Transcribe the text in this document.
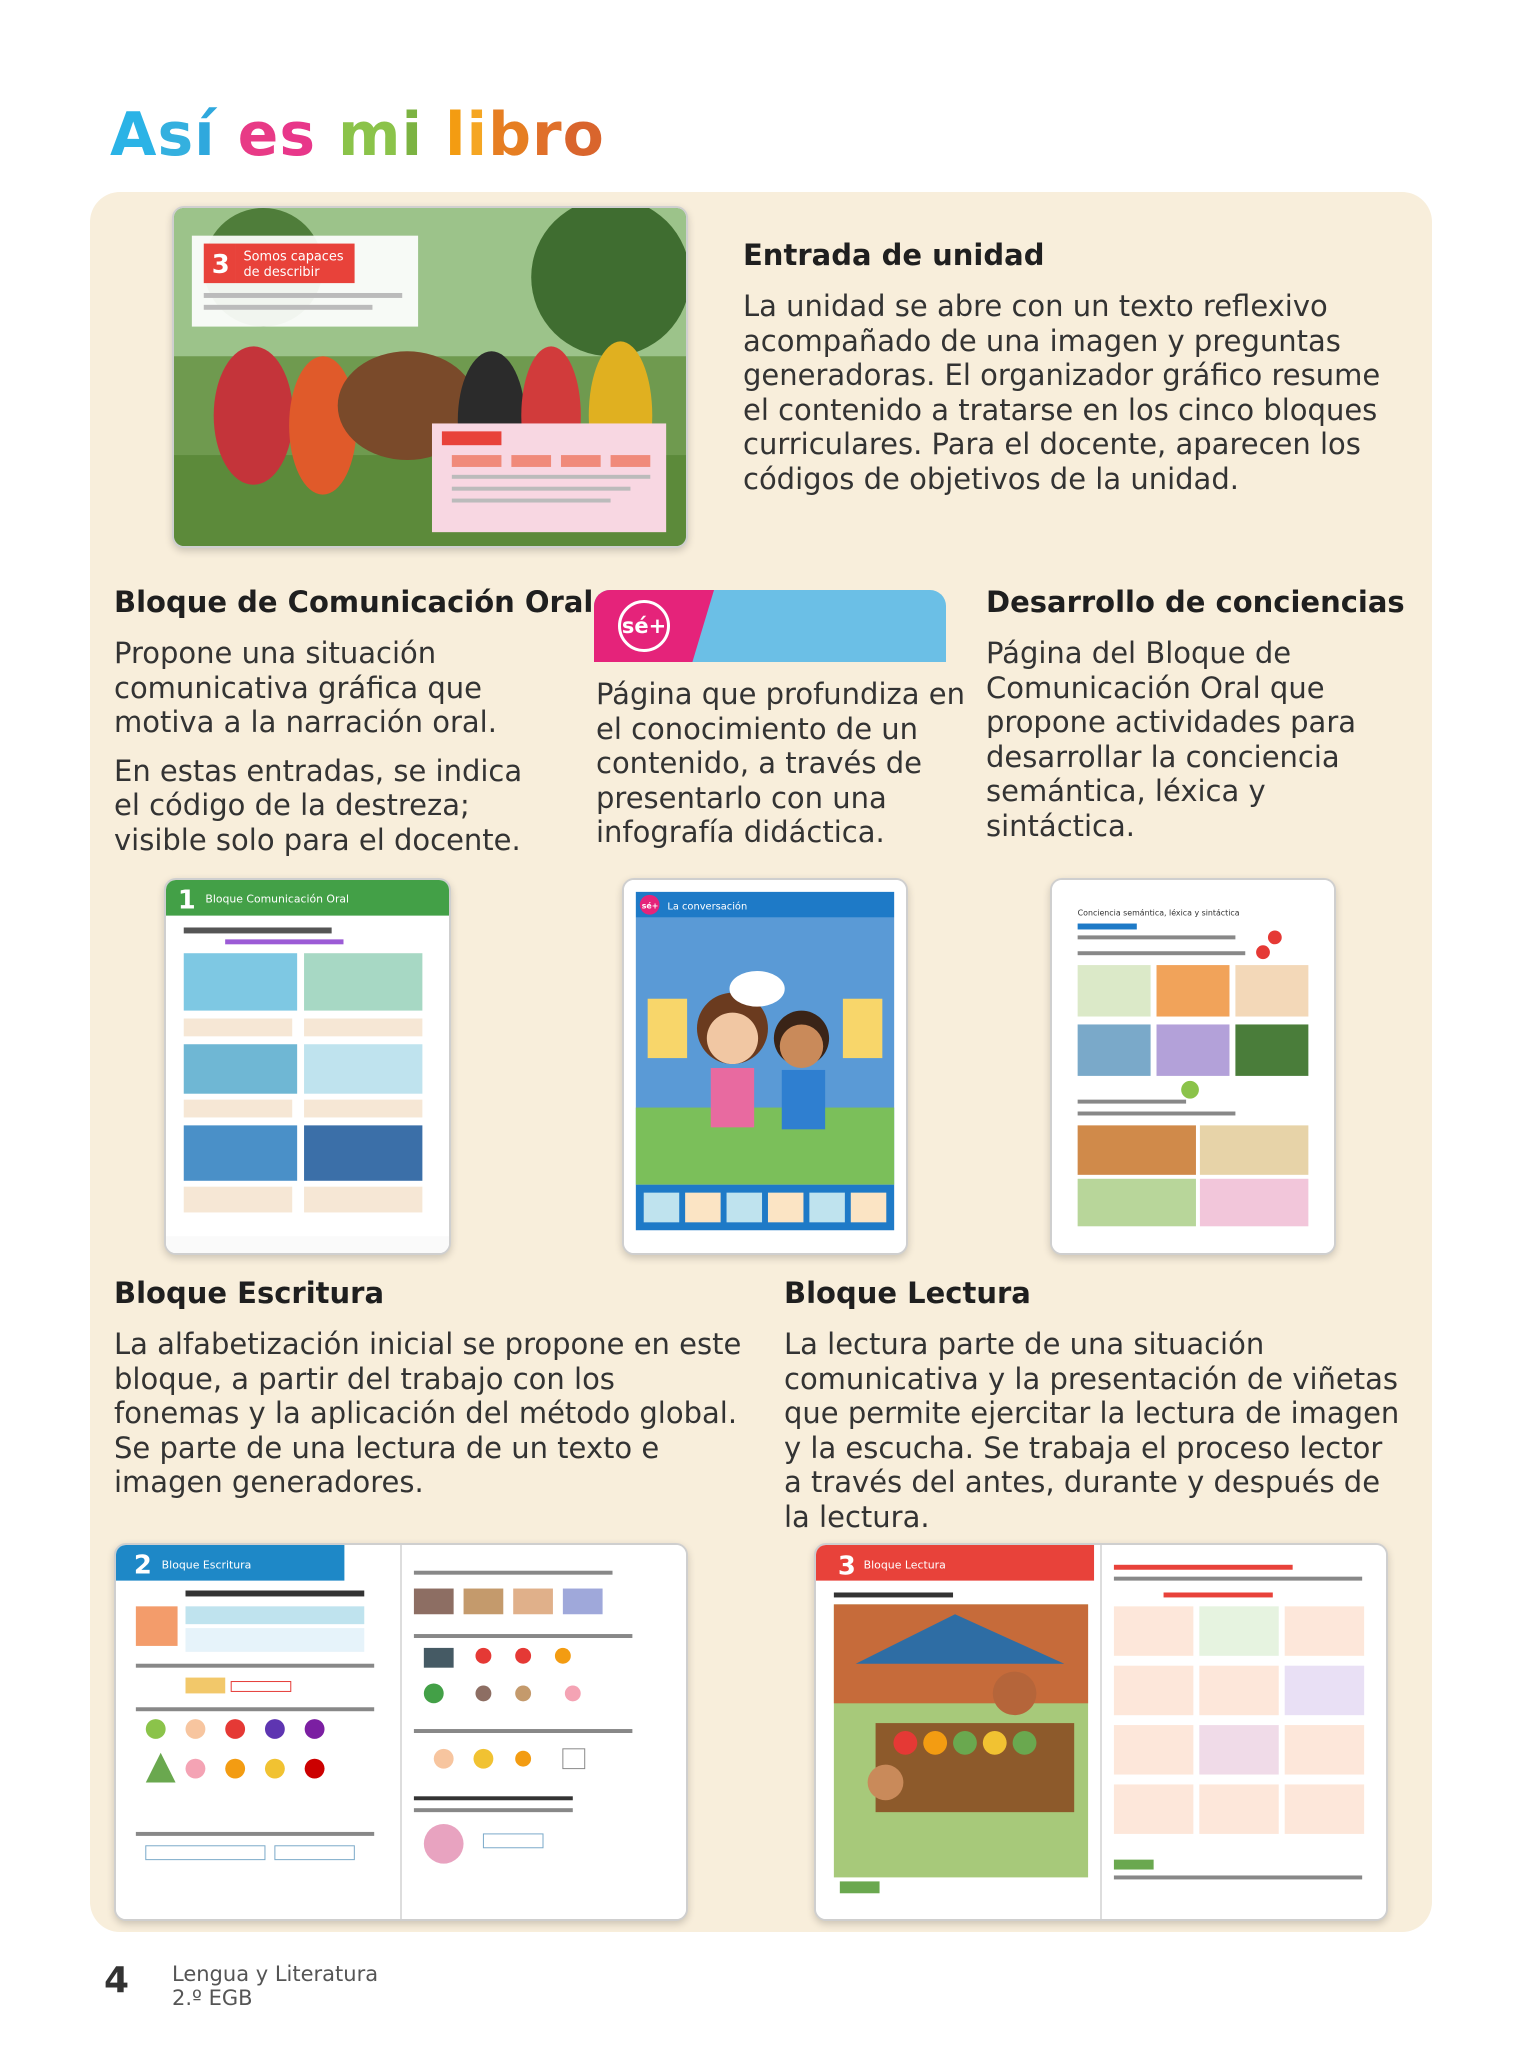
Así es mi libro
3 Somos capaces
de describir
Entrada de unidad
La unidad se abre con un texto reflexivo acompañado de una imagen y preguntas generadoras. El organizador gráfico resume el contenido a tratarse en los cinco bloques curriculares. Para el docente, aparecen los códigos de objetivos de la unidad.
Bloque de Comunicación Oral

Propone una situación comunicativa gráfica que motiva a la narración oral.

En estas entradas, se indica el código de la destreza; visible solo para el docente.

sé+
Página que profundiza en el conocimiento de un contenido, a través de presentarlo con una infografía didáctica.
Desarrollo de conciencias
Página del Bloque de Comunicación Oral que propone actividades para desarrollar la conciencia semántica, léxica y sintáctica.
1 Bloque Comunicación Oral
sé+ La conversación
Conciencia semántica, léxica y sintáctica
Bloque Escritura
La alfabetización inicial se propone en este bloque, a partir del trabajo con los fonemas y la aplicación del método global. Se parte de una lectura de un texto e imagen generadores.
Bloque Lectura
La lectura parte de una situación comunicativa y la presentación de viñetas que permite ejercitar la lectura de imagen y la escucha. Se trabaja el proceso lector a través del antes, durante y después de la lectura.
2 Bloque Escritura	3 Bloque Lectura
4 Lengua y Literatura
2.º EGB
